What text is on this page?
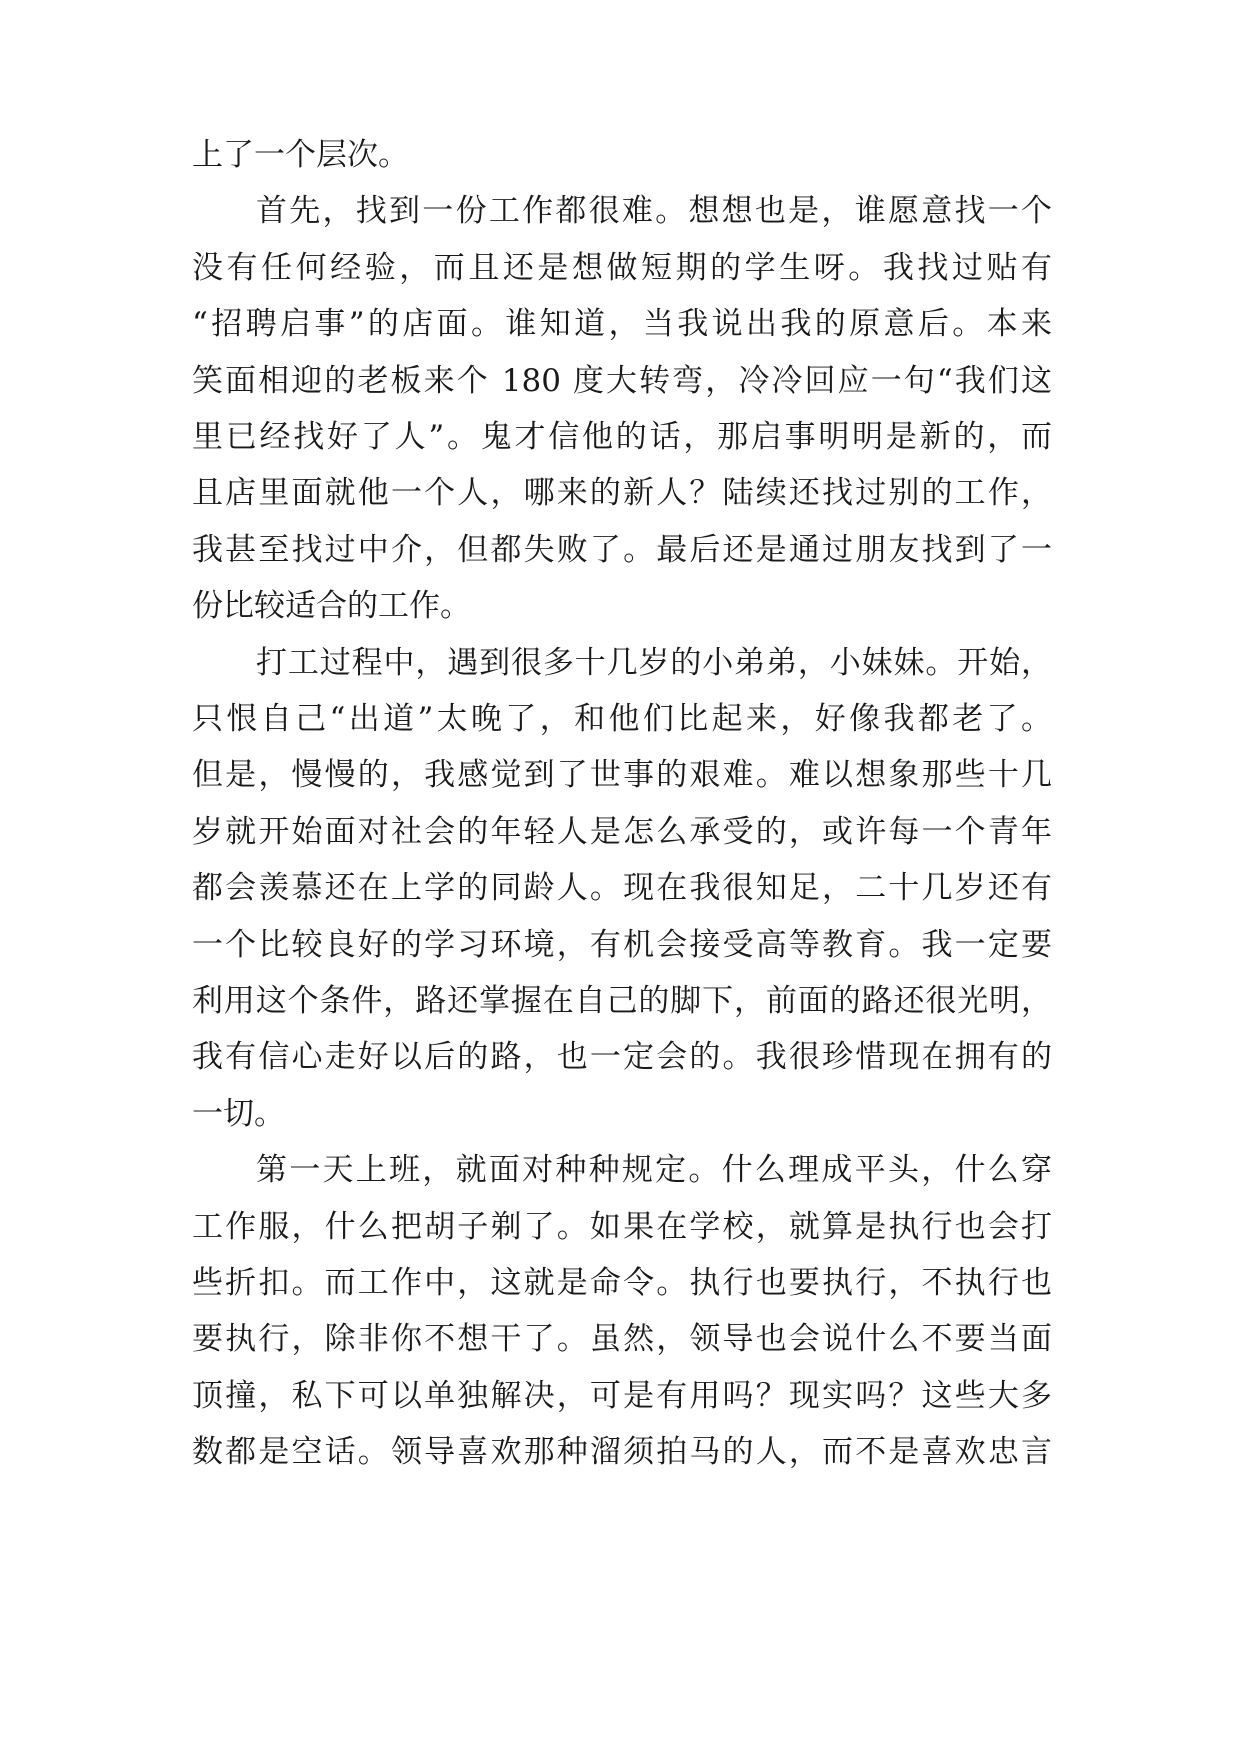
上了一个层次。
首先，找到一份工作都很难。想想也是，谁愿意找一个
没有任何经验，而且还是想做短期的学生呀。我找过贴有
“招聘启事”的店面。谁知道，当我说出我的原意后。本来
笑面相迎的老板来个 180 度大转弯，冷冷回应一句“我们这
里已经找好了人”。鬼才信他的话，那启事明明是新的，而
且店里面就他一个人，哪来的新人？陆续还找过别的工作，
我甚至找过中介，但都失败了。最后还是通过朋友找到了一
份比较适合的工作。
打工过程中，遇到很多十几岁的小弟弟，小妹妹。开始，
只恨自己“出道”太晚了，和他们比起来，好像我都老了。
但是，慢慢的，我感觉到了世事的艰难。难以想象那些十几
岁就开始面对社会的年轻人是怎么承受的，或许每一个青年
都会羡慕还在上学的同龄人。现在我很知足，二十几岁还有
一个比较良好的学习环境，有机会接受高等教育。我一定要
利用这个条件，路还掌握在自己的脚下，前面的路还很光明，
我有信心走好以后的路，也一定会的。我很珍惜现在拥有的
一切。
第一天上班，就面对种种规定。什么理成平头，什么穿
工作服，什么把胡子剃了。如果在学校，就算是执行也会打
些折扣。而工作中，这就是命令。执行也要执行，不执行也
要执行，除非你不想干了。虽然，领导也会说什么不要当面
顶撞，私下可以单独解决，可是有用吗？现实吗？这些大多
数都是空话。领导喜欢那种溜须拍马的人，而不是喜欢忠言
